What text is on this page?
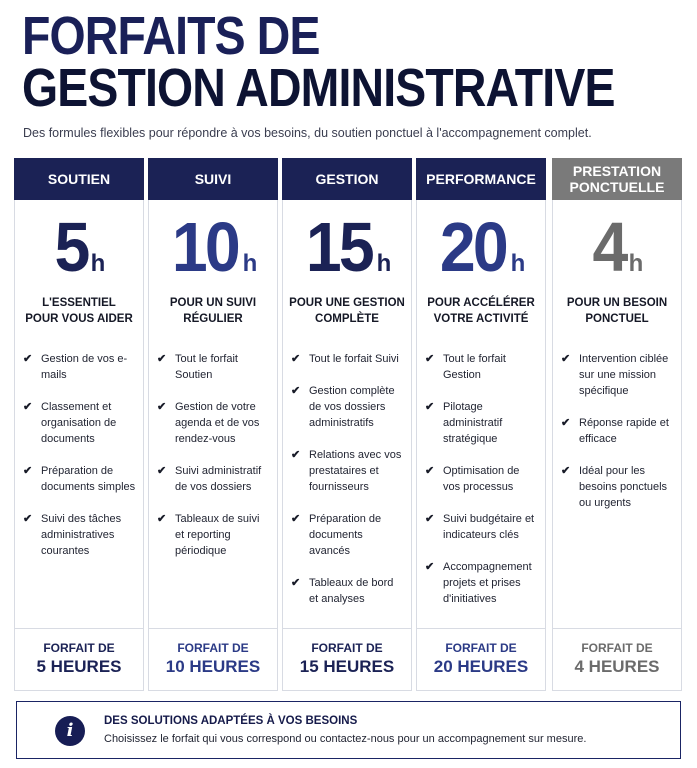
FORFAITS DE
GESTION ADMINISTRATIVE
Des formules flexibles pour répondre à vos besoins, du soutien ponctuel à l'accompagnement complet.
SOUTIEN
5 h
L'ESSENTIEL
POUR VOUS AIDER
✔ Gestion de vos e-mails
✔ Classement et organisation de documents
✔ Préparation de documents simples
✔ Suivi des tâches administratives courantes
FORFAIT DE
5 HEURES
SUIVI
10 h
POUR UN SUIVI
RÉGULIER
✔ Tout le forfait Soutien
✔ Gestion de votre agenda et de vos rendez-vous
✔ Suivi administratif de vos dossiers
✔ Tableaux de suivi et reporting périodique
FORFAIT DE
10 HEURES
GESTION
15 h
POUR UNE GESTION
COMPLÈTE
✔ Tout le forfait Suivi
✔ Gestion complète de vos dossiers administratifs
✔ Relations avec vos prestataires et fournisseurs
✔ Préparation de documents avancés
✔ Tableaux de bord et analyses
FORFAIT DE
15 HEURES
PERFORMANCE
20 h
POUR ACCÉLÉRER
VOTRE ACTIVITÉ
✔ Tout le forfait Gestion
✔ Pilotage administratif stratégique
✔ Optimisation de vos processus
✔ Suivi budgétaire et indicateurs clés
✔ Accompagnement projets et prises d'initiatives
FORFAIT DE
20 HEURES
PRESTATION PONCTUELLE
4 h
POUR UN BESOIN
PONCTUEL
✔ Intervention ciblée sur une mission spécifique
✔ Réponse rapide et efficace
✔ Idéal pour les besoins ponctuels ou urgents
FORFAIT DE
4 HEURES
i	DES SOLUTIONS ADAPTÉES À VOS BESOINS
Choisissez le forfait qui vous correspond ou contactez-nous pour un accompagnement sur mesure.
